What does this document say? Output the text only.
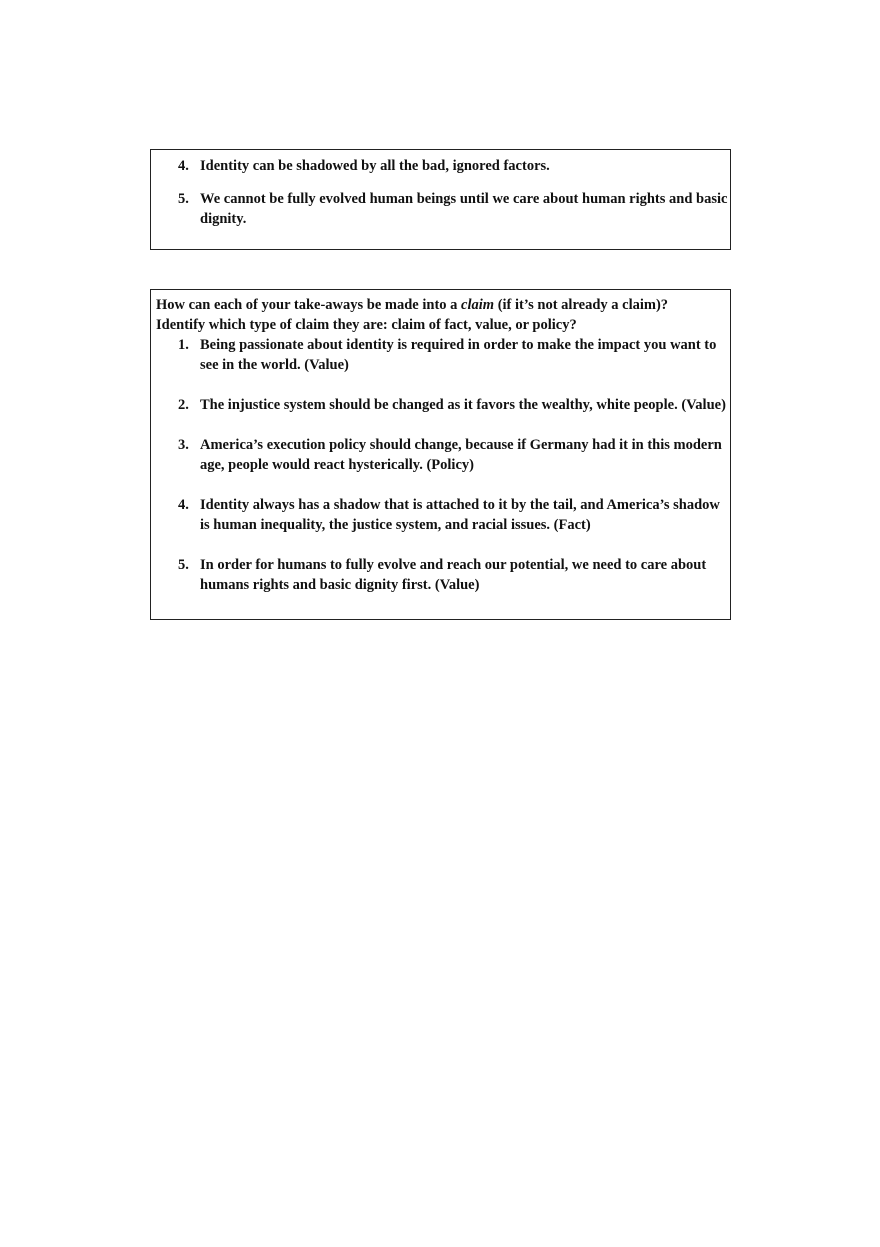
4. Identity can be shadowed by all the bad, ignored factors.
5. We cannot be fully evolved human beings until we care about human rights and basic dignity.

How can each of your take-aways be made into a claim (if it’s not already a claim)?

Identify which type of claim they are: claim of fact, value, or policy?

1. Being passionate about identity is required in order to make the impact you want to see in the world. (Value)
2. The injustice system should be changed as it favors the wealthy, white people. (Value)
3. America’s execution policy should change, because if Germany had it in this modern age, people would react hysterically. (Policy)
4. Identity always has a shadow that is attached to it by the tail, and America’s shadow is human inequality, the justice system, and racial issues. (Fact)
5. In order for humans to fully evolve and reach our potential, we need to care about humans rights and basic dignity first. (Value)
